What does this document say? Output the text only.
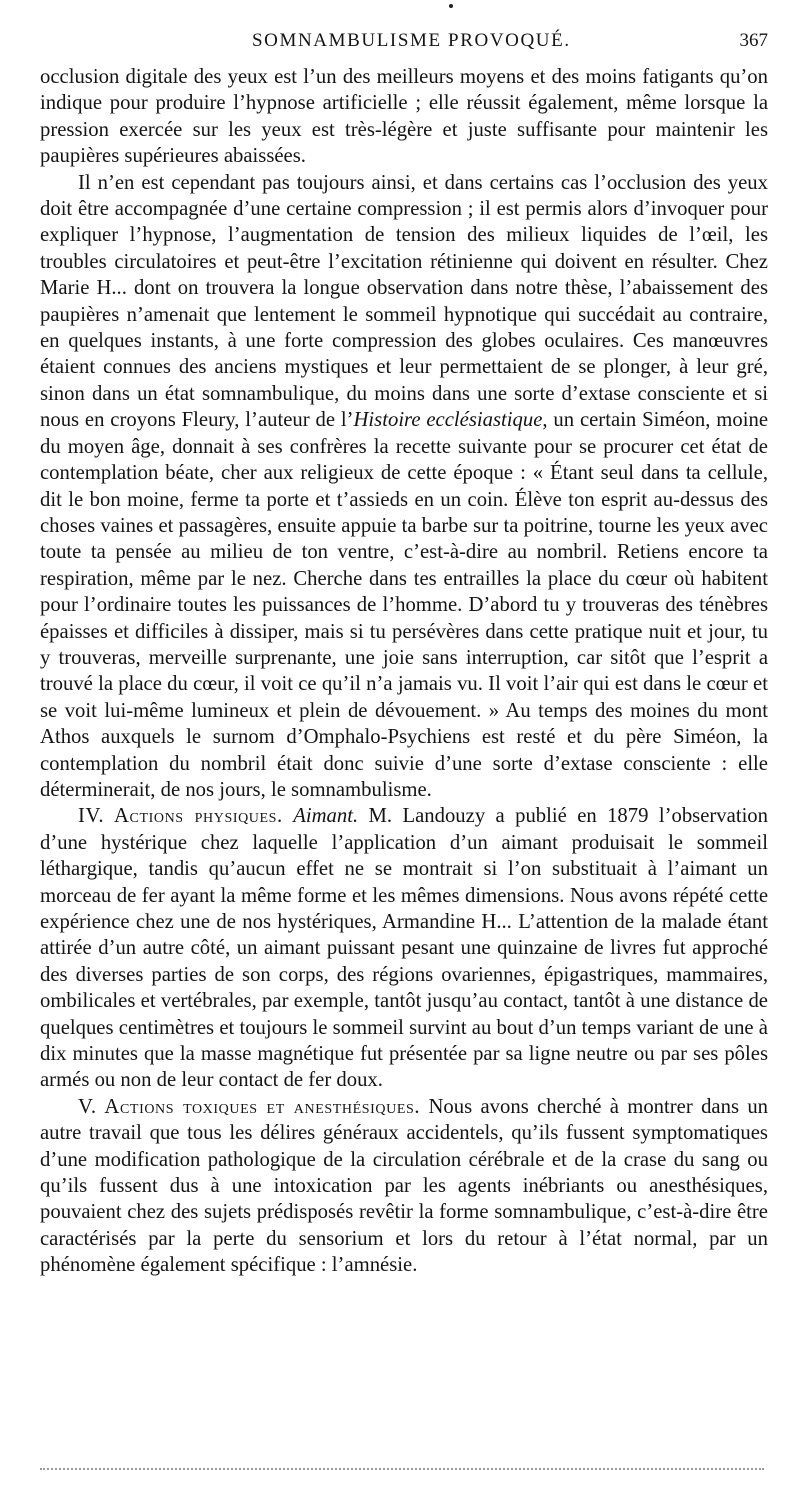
SOMNAMBULISME PROVOQUÉ.	367

occlusion digitale des yeux est l’un des meilleurs moyens et des moins fatigants qu’on indique pour produire l’hypnose artificielle ; elle réussit également, même lorsque la pression exercée sur les yeux est très-légère et juste suffisante pour maintenir les paupières supérieures abaissées.

Il n’en est cependant pas toujours ainsi, et dans certains cas l’occlusion des yeux doit être accompagnée d’une certaine compression ; il est permis alors d’invoquer pour expliquer l’hypnose, l’augmentation de tension des milieux liquides de l’œil, les troubles circulatoires et peut-être l’excitation rétinienne qui doivent en résulter. Chez Marie H... dont on trouvera la longue observation dans notre thèse, l’abaissement des paupières n’amenait que lentement le sommeil hypnotique qui succédait au contraire, en quelques instants, à une forte compression des globes oculaires. Ces manœuvres étaient connues des anciens mystiques et leur permettaient de se plonger, à leur gré, sinon dans un état somnambulique, du moins dans une sorte d’extase consciente et si nous en croyons Fleury, l’auteur de l’Histoire ecclésiastique, un certain Siméon, moine du moyen âge, donnait à ses confrères la recette suivante pour se procurer cet état de contemplation béate, cher aux religieux de cette époque : « Étant seul dans ta cellule, dit le bon moine, ferme ta porte et t’assieds en un coin. Élève ton esprit au-dessus des choses vaines et passagères, ensuite appuie ta barbe sur ta poitrine, tourne les yeux avec toute ta pensée au milieu de ton ventre, c’est-à-dire au nombril. Retiens encore ta respiration, même par le nez. Cherche dans tes entrailles la place du cœur où habitent pour l’ordinaire toutes les puissances de l’homme. D’abord tu y trouveras des ténèbres épaisses et difficiles à dissiper, mais si tu persévères dans cette pratique nuit et jour, tu y trouveras, merveille surprenante, une joie sans interruption, car sitôt que l’esprit a trouvé la place du cœur, il voit ce qu’il n’a jamais vu. Il voit l’air qui est dans le cœur et se voit lui-même lumineux et plein de dévouement. » Au temps des moines du mont Athos auxquels le surnom d’Omphalo-Psychiens est resté et du père Siméon, la contemplation du nombril était donc suivie d’une sorte d’extase consciente : elle déterminerait, de nos jours, le somnambulisme.

IV. Actions physiques. Aimant. M. Landouzy a publié en 1879 l’observation d’une hystérique chez laquelle l’application d’un aimant produisait le sommeil léthargique, tandis qu’aucun effet ne se montrait si l’on substituait à l’aimant un morceau de fer ayant la même forme et les mêmes dimensions. Nous avons répété cette expérience chez une de nos hystériques, Armandine H... L’attention de la malade étant attirée d’un autre côté, un aimant puissant pesant une quinzaine de livres fut approché des diverses parties de son corps, des régions ovariennes, épigastriques, mammaires, ombilicales et vertébrales, par exemple, tantôt jusqu’au contact, tantôt à une distance de quelques centimètres et toujours le sommeil survint au bout d’un temps variant de une à dix minutes que la masse magnétique fut présentée par sa ligne neutre ou par ses pôles armés ou non de leur contact de fer doux.

V. Actions toxiques et anesthésiques. Nous avons cherché à montrer dans un autre travail que tous les délires généraux accidentels, qu’ils fussent symptomatiques d’une modification pathologique de la circulation cérébrale et de la crase du sang ou qu’ils fussent dus à une intoxication par les agents inébriants ou anesthésiques, pouvaient chez des sujets prédisposés revêtir la forme somnambulique, c’est-à-dire être caractérisés par la perte du sensorium et lors du retour à l’état normal, par un phénomène également spécifique : l’amnésie.
